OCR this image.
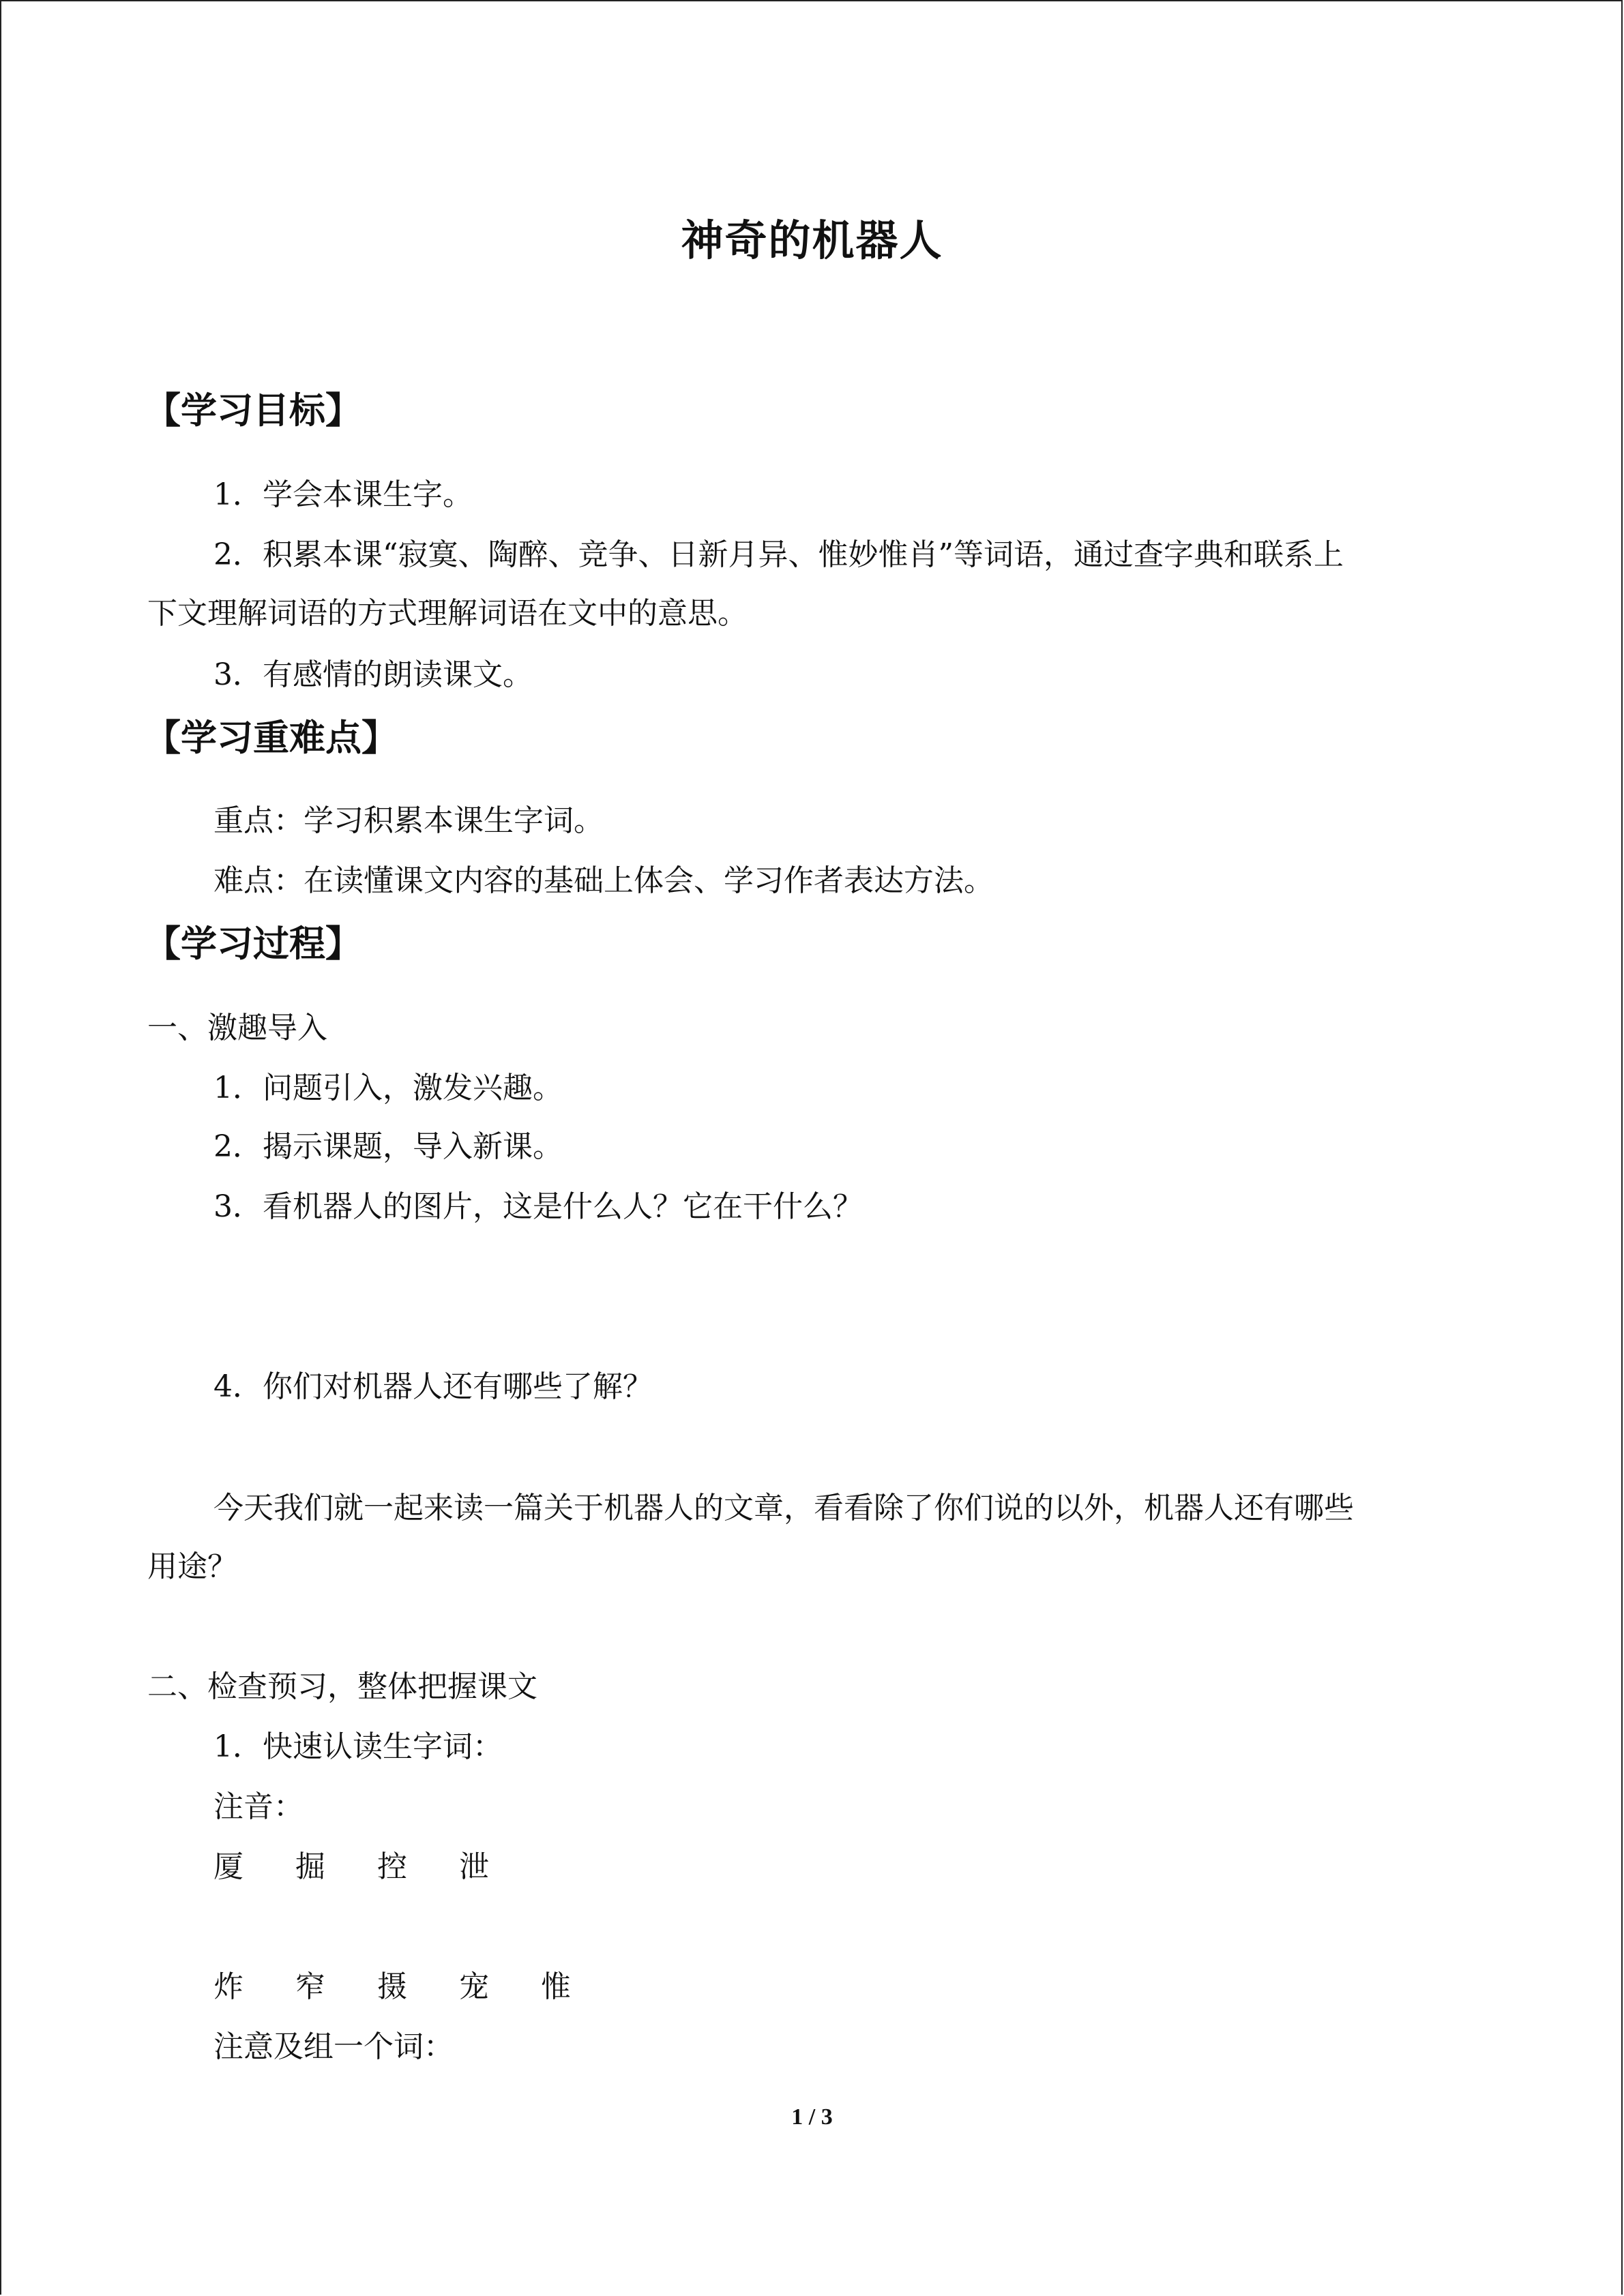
神奇的机器人
【学习目标】
1．学会本课生字。
2．积累本课“寂寞、陶醉、竞争、日新月异、惟妙惟肖”等词语，通过查字典和联系上
下文理解词语的方式理解词语在文中的意思。
3．有感情的朗读课文。
【学习重难点】
重点：学习积累本课生字词。
难点：在读懂课文内容的基础上体会、学习作者表达方法。
【学习过程】
一、激趣导入
1．问题引入，激发兴趣。
2．揭示课题，导入新课。
3．看机器人的图片，这是什么人？它在干什么？
4．你们对机器人还有哪些了解？
今天我们就一起来读一篇关于机器人的文章，看看除了你们说的以外，机器人还有哪些
用途？
二、检查预习，整体把握课文
1．快速认读生字词：
注音：
厦 掘 控 泄
炸 窄 摄 宠 惟
注意及组一个词：
1 / 3
